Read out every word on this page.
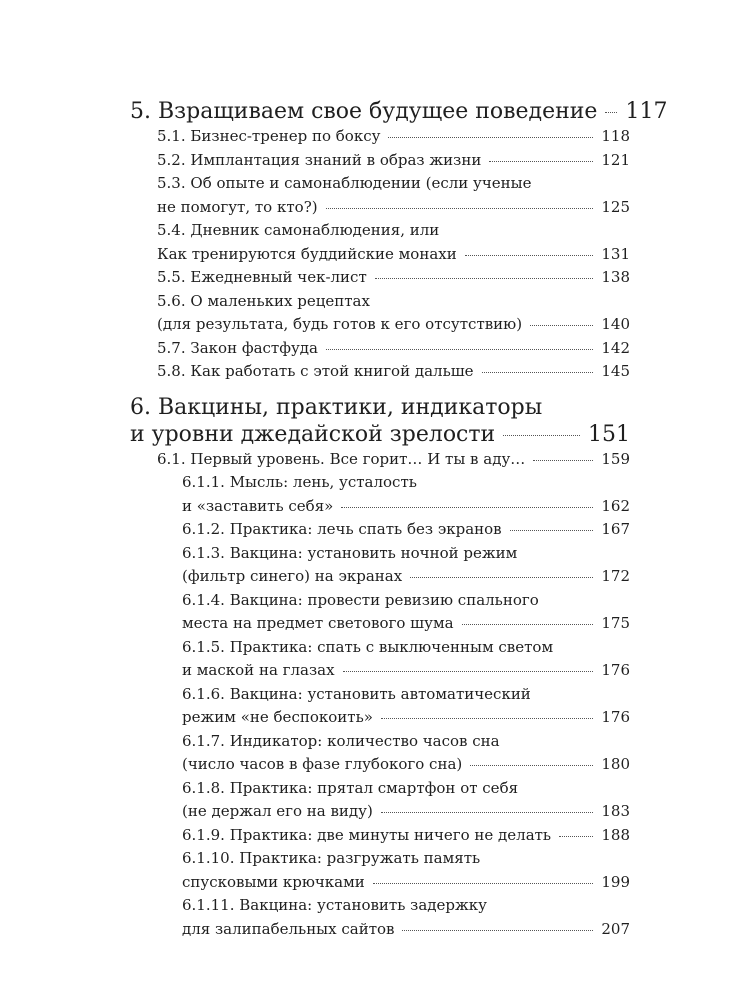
5. Взращиваем свое будущее поведение 117
5.1. Бизнес-тренер по боксу	118
5.2. Имплантация знаний в образ жизни	121
5.3. Об опыте и самонаблюдении (если ученые
не помогут, то кто?)	125
5.4. Дневник самонаблюдения, или
Как тренируются буддийские монахи	131
5.5. Ежедневный чек-лист	138
5.6. О маленьких рецептах
(для результата, будь готов к его отсутствию)	140
5.7. Закон фастфуда	142
5.8. Как работать с этой книгой дальше	145
6. Вакцины, практики, индикаторы
и уровни джедайской зрелости	151
6.1. Первый уровень. Все горит… И ты в аду…	159
6.1.1. Мысль: лень, усталость
и «заставить себя»	162
6.1.2. Практика: лечь спать без экранов	167
6.1.3. Вакцина: установить ночной режим
(фильтр синего) на экранах	172
6.1.4. Вакцина: провести ревизию спального
места на предмет светового шума	175
6.1.5. Практика: спать с выключенным светом
и маской на глазах	176
6.1.6. Вакцина: установить автоматический
режим «не беспокоить»	176
6.1.7. Индикатор: количество часов сна
(число часов в фазе глубокого сна)	180
6.1.8. Практика: прятал смартфон от себя
(не держал его на виду)	183
6.1.9. Практика: две минуты ничего не делать	188
6.1.10. Практика: разгружать память
спусковыми крючками	199
6.1.11. Вакцина: установить задержку
для залипабельных сайтов	207
